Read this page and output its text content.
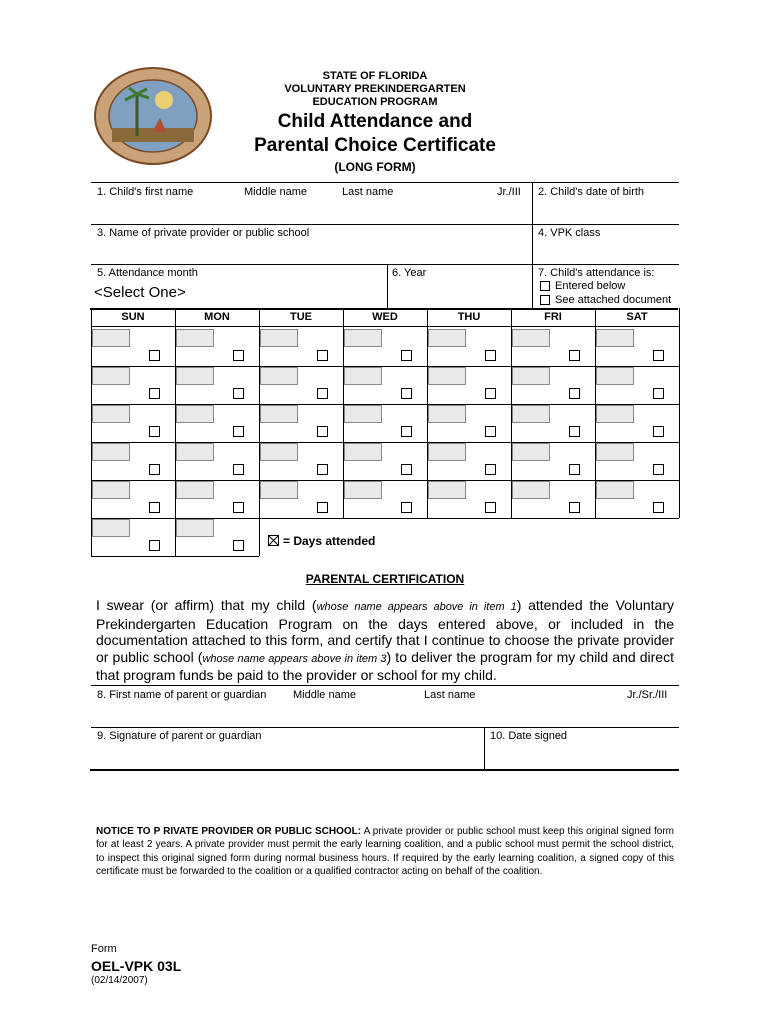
STATE OF FLORIDA
VOLUNTARY PREKINDERGARTEN
EDUCATION PROGRAM
Child Attendance and
Parental Choice Certificate
(LONG FORM)
1. Child's first name	Middle name	Last name	Jr./III 2. Child's date of birth
3. Name of private provider or public school	4. VPK class
5. Attendance month
<Select One>
6. Year	7. Child's attendance is:
Entered below
See attached document
SUN	MON	TUE	WED	THU	FRI	SAT
= Days attended
PARENTAL CERTIFICATION
I swear (or affirm) that my child (whose name appears above in item 1) attended the Voluntary Prekindergarten Education Program on the days entered above, or included in the documentation attached to this form, and certify that I continue to choose the private provider or public school (whose name appears above in item 3) to deliver the program for my child and direct that program funds be paid to the provider or school for my child.
8. First name of parent or guardian Middle name	Last name	Jr./Sr./III
9. Signature of parent or guardian	10. Date signed
NOTICE TO P RIVATE PROVIDER OR PUBLIC SCHOOL: A private provider or public school must keep this original signed form for at least 2 years. A private provider must permit the early learning coalition, and a public school must permit the school district, to inspect this original signed form during normal business hours. If required by the early learning coalition, a signed copy of this certificate must be forwarded to the coalition or a qualified contractor acting on behalf of the coalition.
Form
OEL-VPK 03L
(02/14/2007)
